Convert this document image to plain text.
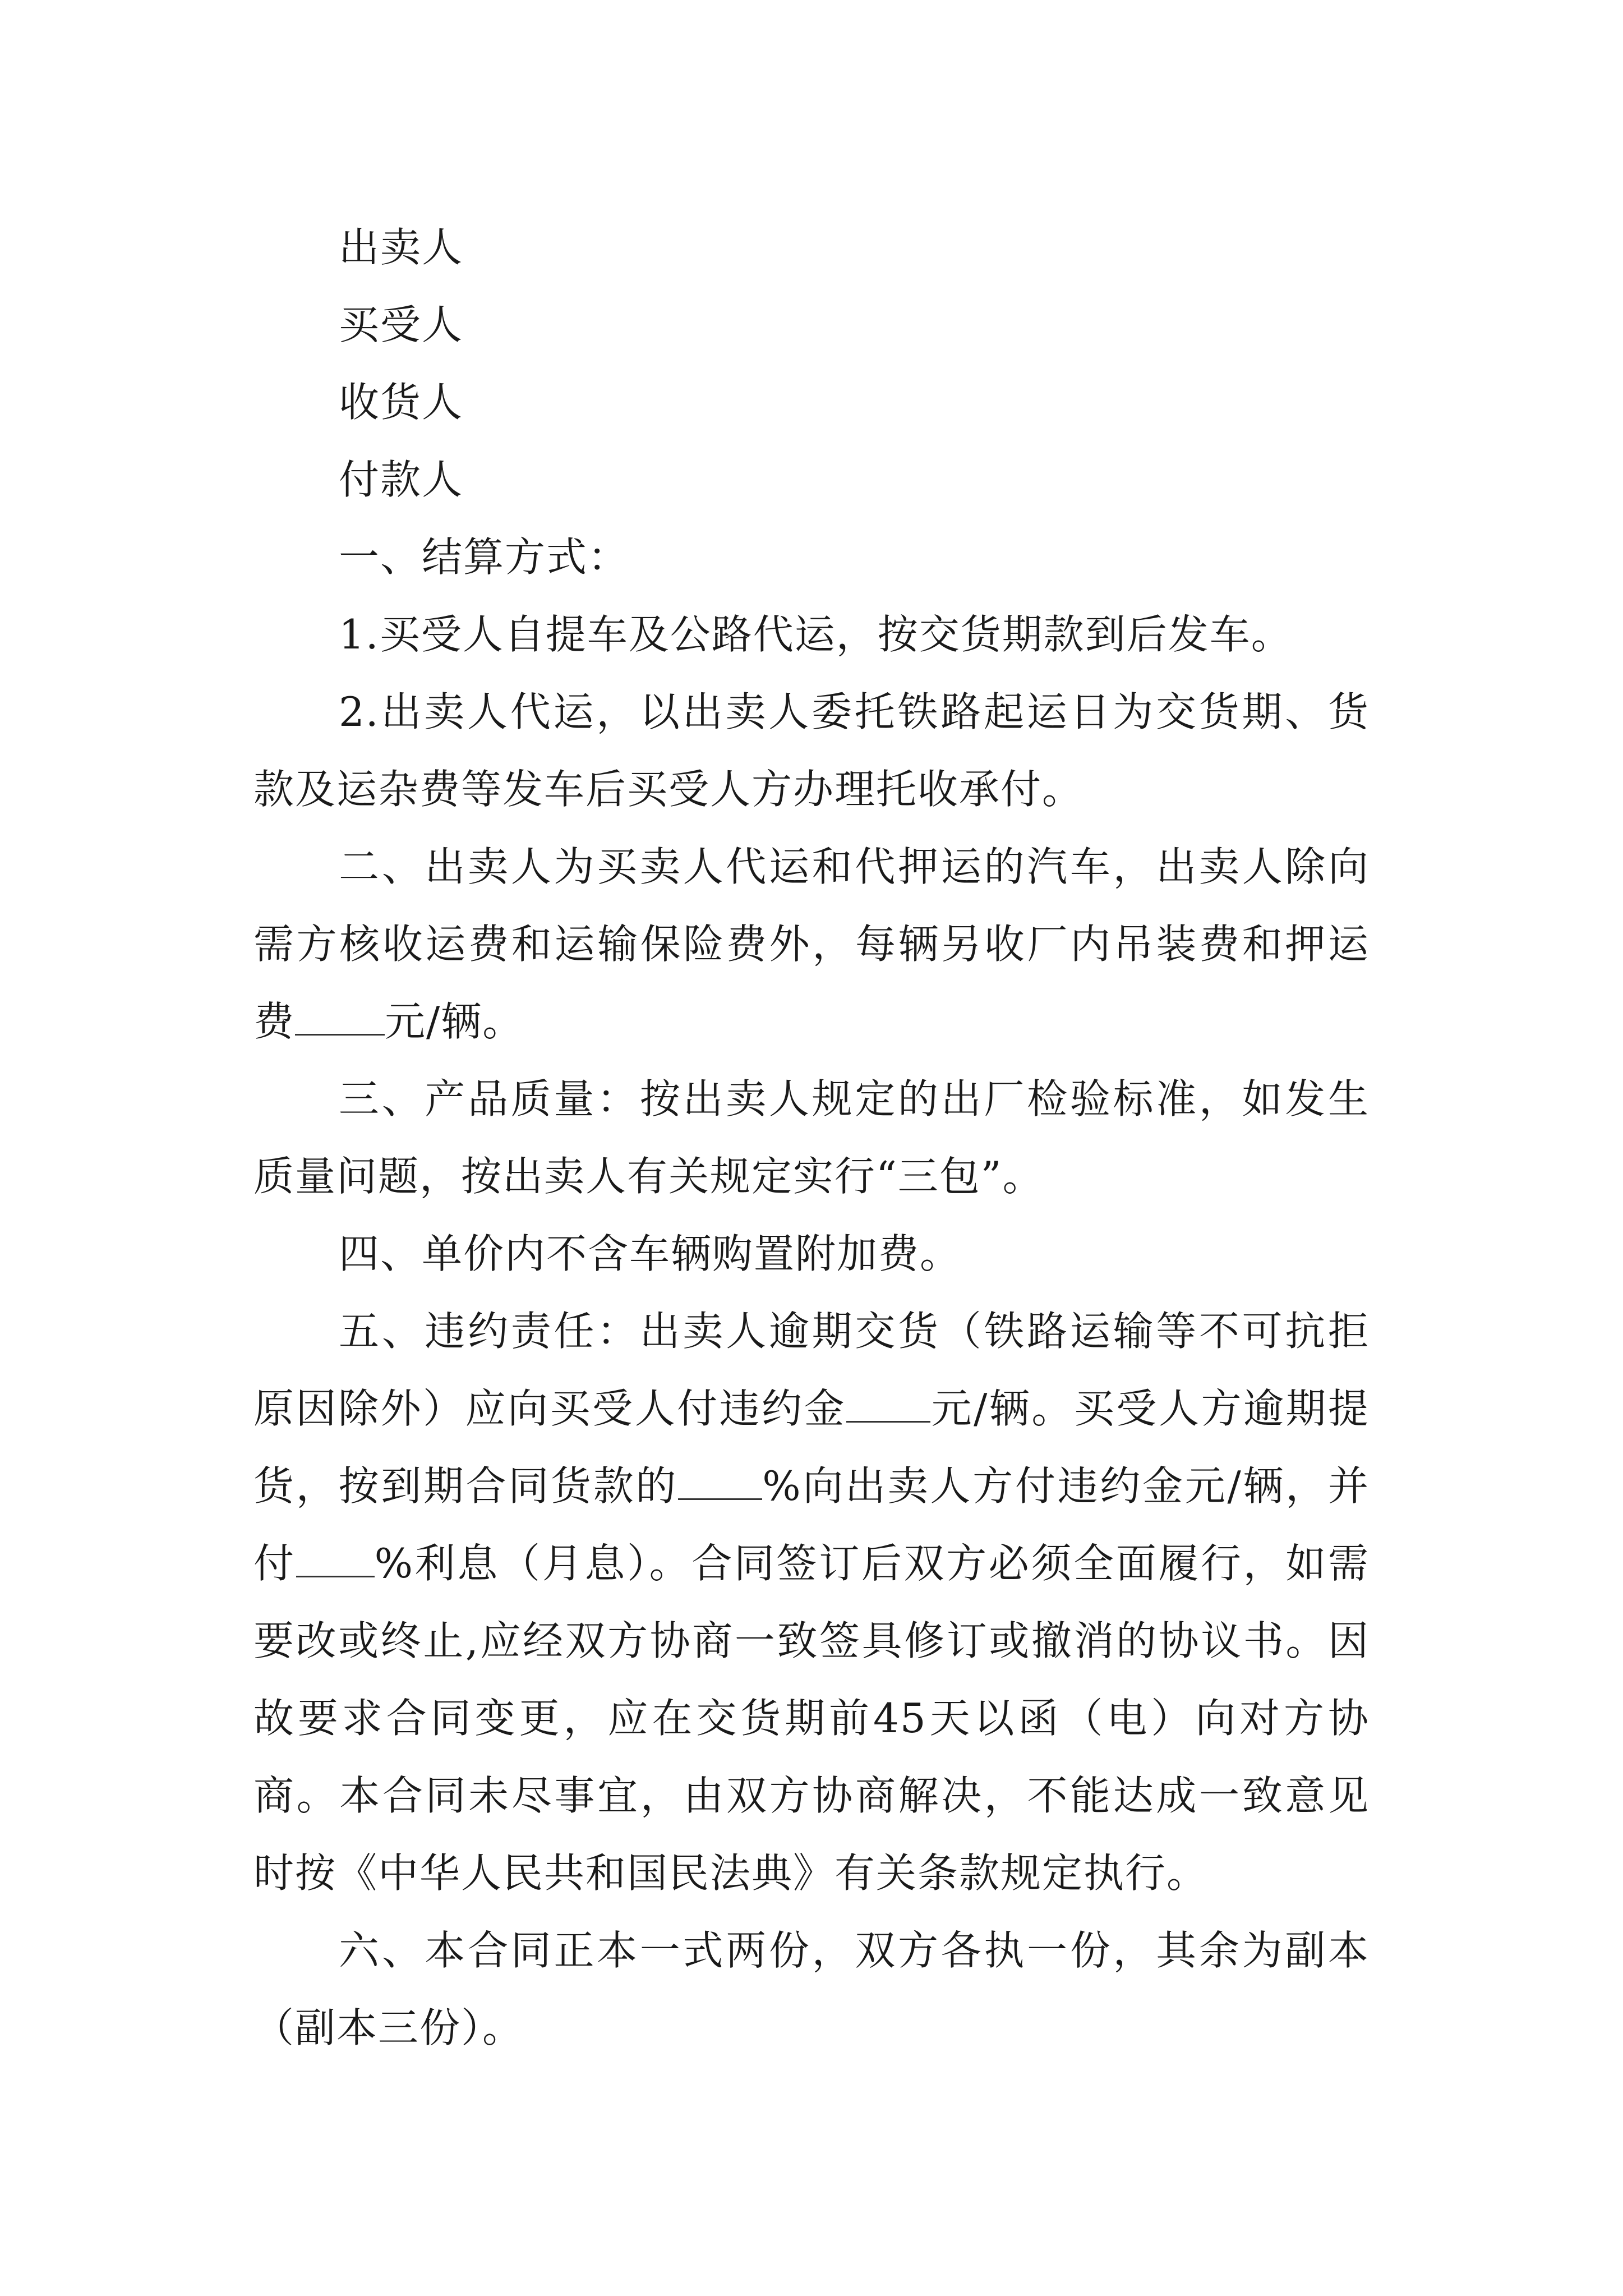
出卖人
买受人
收货人
付款人
一、结算方式：
1.买受人自提车及公路代运，按交货期款到后发车。

2.出卖人代运，以出卖人委托铁路起运日为交货期、货款及运杂费等发车后买受人方办理托收承付。

二、出卖人为买卖人代运和代押运的汽车，出卖人除向需方核收运费和运输保险费外，每辆另收厂内吊装费和押运费 元/辆。

三、产品质量：按出卖人规定的出厂检验标准，如发生质量问题，按出卖人有关规定实行“三包”。

四、单价内不含车辆购置附加费。

五、违约责任：出卖人逾期交货（铁路运输等不可抗拒原因除外）应向买受人付违约金 元/辆。买受人方逾期提货，按到期合同货款的 %向出卖人方付违约金元/辆，并付 %利息（月息）。合同签订后双方必须全面履行，如需要改或终止,应经双方协商一致签具修订或撤消的协议书。因故要求合同变更，应在交货期前45天以函（电）向对方协商。本合同未尽事宜，由双方协商解决，不能达成一致意见时按《中华人民共和国民法典》有关条款规定执行。

六、本合同正本一式两份，双方各执一份，其余为副本（副本三份）。
